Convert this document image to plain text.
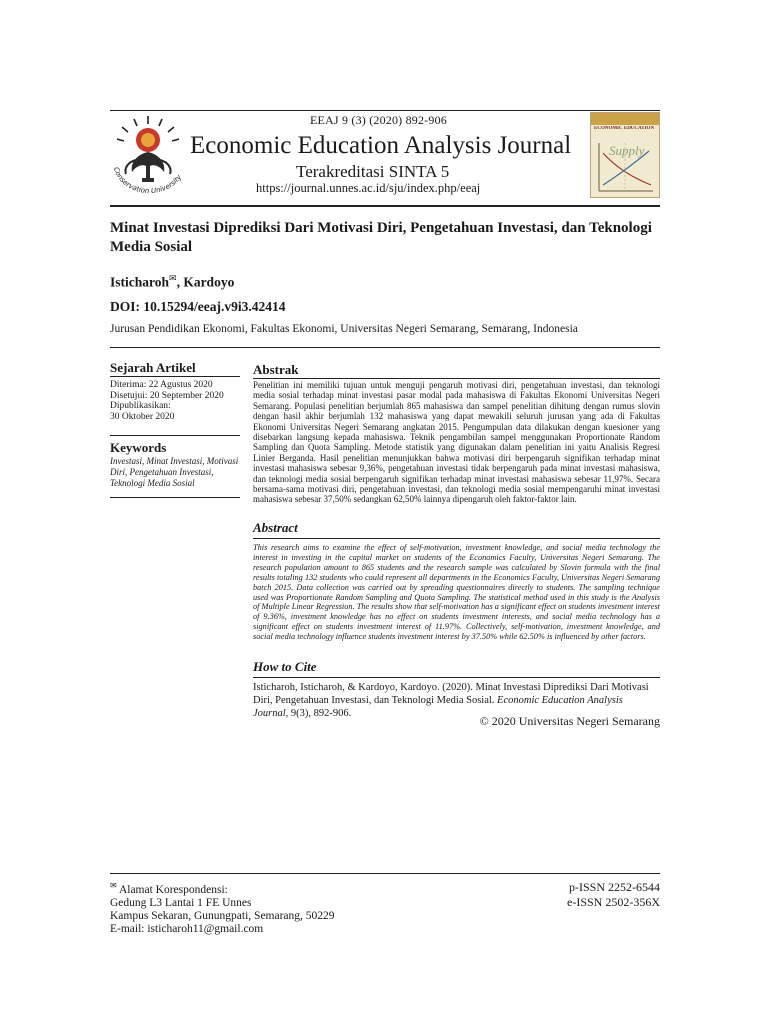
Conservation University
EEAJ 9 (3) (2020) 892-906
Economic Education Analysis Journal
Terakreditasi SINTA 5
https://journal.unnes.ac.id/sju/index.php/eeaj
ECONOMIC EDUCATION
Supply
Minat Investasi Diprediksi Dari Motivasi Diri, Pengetahuan Investasi, dan Teknologi Media Sosial
Isticharoh✉, Kardoyo
DOI: 10.15294/eeaj.v9i3.42414
Jurusan Pendidikan Ekonomi, Fakultas Ekonomi, Universitas Negeri Semarang, Semarang, Indonesia
Sejarah Artikel
Diterima: 22 Agustus 2020
Disetujui: 20 September 2020
Dipublikasikan:
30 Oktober 2020
Keywords
Investasi, Minat Investasi, Motivasi Diri, Pengetahuan Investasi, Teknologi Media Sosial
Abstrak
Penelitian ini memiliki tujuan untuk menguji pengaruh motivasi diri, pengetahuan investasi, dan teknologi media sosial terhadap minat investasi pasar modal pada mahasiswa di Fakultas Ekonomi Universitas Negeri Semarang. Populasi penelitian berjumlah 865 mahasiswa dan sampel penelitian dihitung dengan rumus slovin dengan hasil akhir berjumlah 132 mahasiswa yang dapat mewakili seluruh jurusan yang ada di Fakultas Ekonomi Universitas Negeri Semarang angkatan 2015. Pengumpulan data dilakukan dengan kuesioner yang disebarkan langsung kepada mahasiswa. Teknik pengambilan sampel menggunakan Proportionate Random Sampling dan Quota Sampling. Metode statistik yang digunakan dalam penelitian ini yaitu Analisis Regresi Linier Berganda. Hasil penelitian menunjukkan bahwa motivasi diri berpengaruh signifikan terhadap minat investasi mahasiswa sebesar 9,36%, pengetahuan investasi tidak berpengaruh pada minat investasi mahasiswa, dan teknologi media sosial berpengaruh signifikan terhadap minat investasi mahasiswa sebesar 11,97%. Secara bersama-sama motivasi diri, pengetahuan investasi, dan teknologi media sosial mempengaruhi minat investasi mahasiswa sebesar 37,50% sedangkan 62,50% lainnya dipengaruh oleh faktor-faktor lain.
Abstract
This research aims to examine the effect of self-motivation, investment knowledge, and social media technology the interest in investing in the capital market on students of the Economics Faculty, Universitas Negeri Semarang. The research population amount to 865 students and the research sample was calculated by Slovin formula with the final results totaling 132 students who could represent all departments in the Economics Faculty, Universitas Negeri Semarang batch 2015. Data collection was carried out by spreading questionnaires directly to students. The sampling technique used was Proportionate Random Sampling and Quota Sampling. The statistical method used in this study is the Analysis of Multiple Linear Regression. The results show that self-motivation has a significant effect on students investment interest of 9.36%, investment knowledge has no effect on students investment interests, and social media technology has a significant effect on students investment interest of 11.97%. Collectively, self-motivation, investment knowledge, and social media technology influence students investment interest by 37.50% while 62.50% is influenced by other factors.
How to Cite
Isticharoh, Isticharoh, & Kardoyo, Kardoyo. (2020). Minat Investasi Diprediksi Dari Motivasi Diri, Pengetahuan Investasi, dan Teknologi Media Sosial. Economic Education Analysis Journal, 9(3), 892-906.
© 2020 Universitas Negeri Semarang
✉ Alamat Korespondensi:
Gedung L3 Lantai 1 FE Unnes
Kampus Sekaran, Gunungpati, Semarang, 50229
E-mail: isticharoh11@gmail.com
p-ISSN 2252-6544
e-ISSN 2502-356X
